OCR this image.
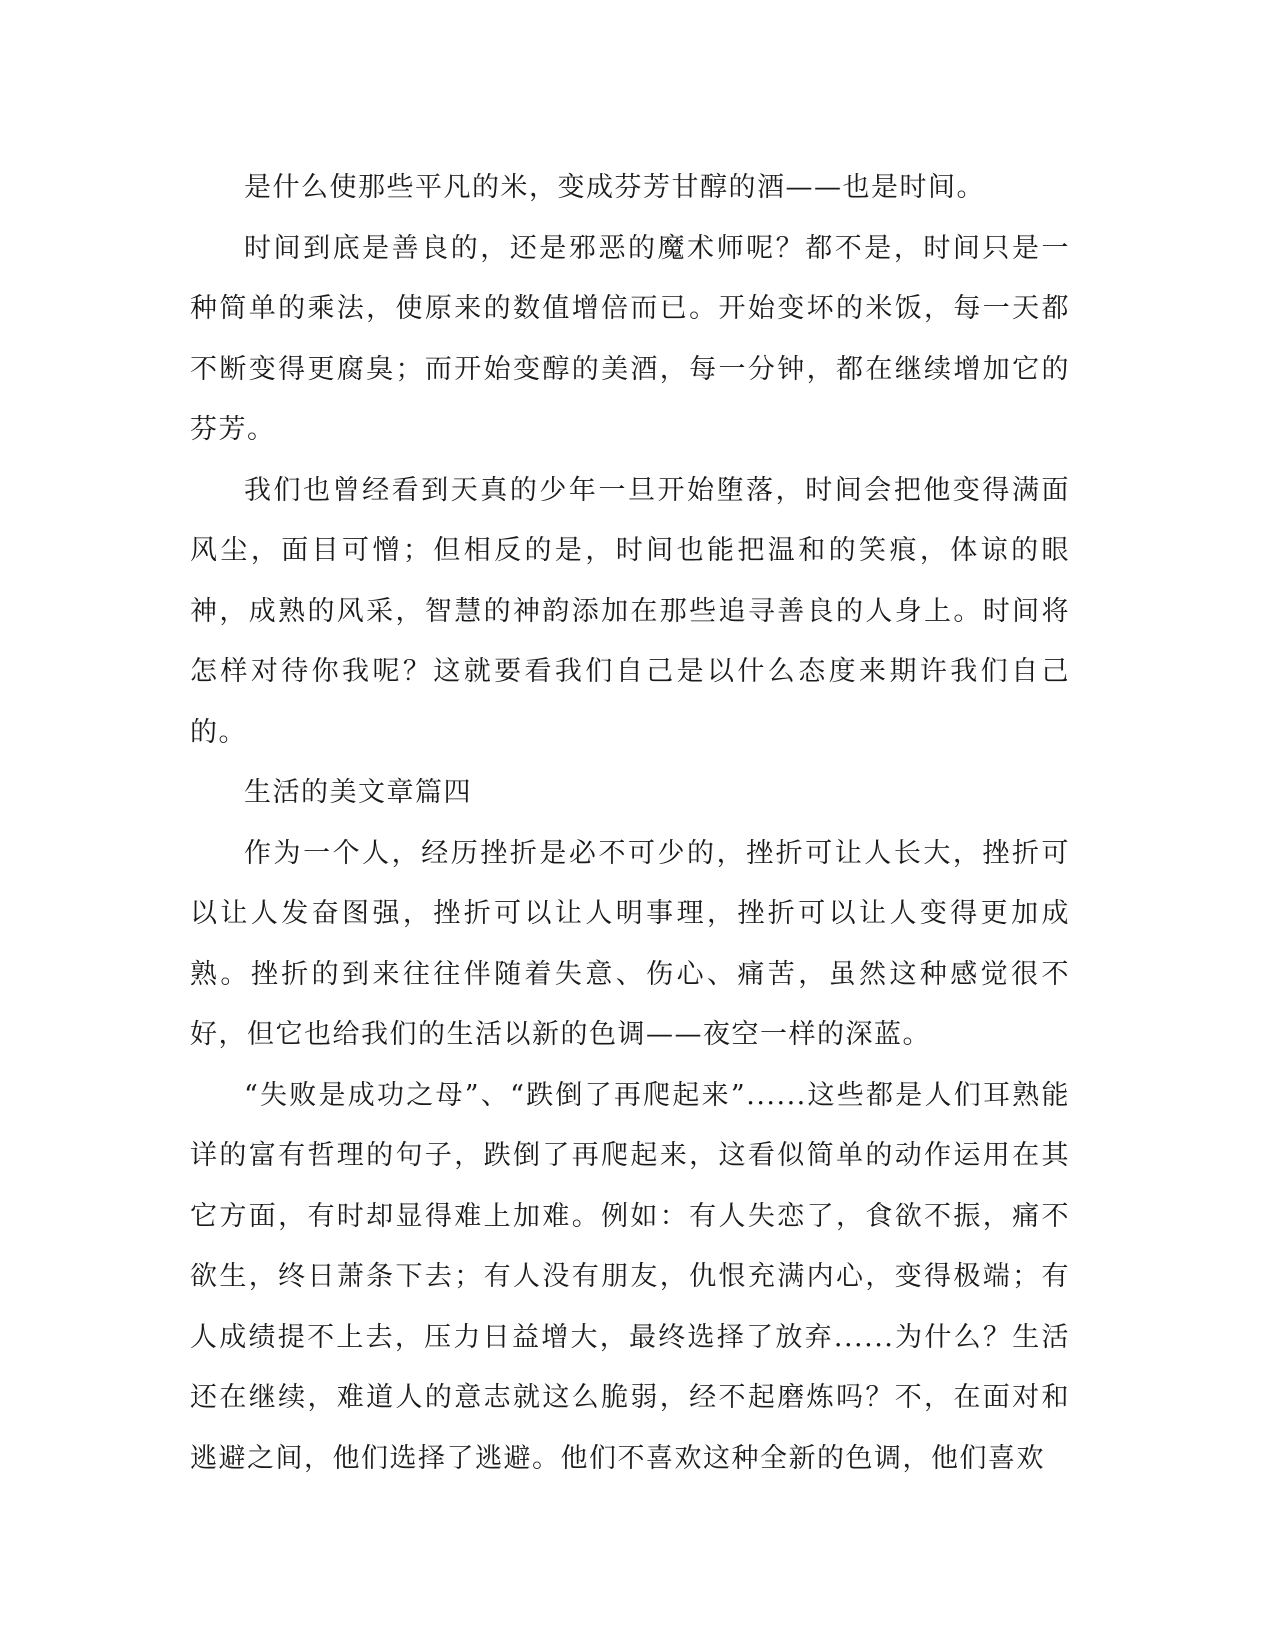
是什么使那些平凡的米，变成芬芳甘醇的酒——也是时间。

时间到底是善良的，还是邪恶的魔术师呢？都不是，时间只是一种简单的乘法，使原来的数值增倍而已。开始变坏的米饭，每一天都不断变得更腐臭；而开始变醇的美酒，每一分钟，都在继续增加它的芬芳。

我们也曾经看到天真的少年一旦开始堕落，时间会把他变得满面风尘，面目可憎；但相反的是，时间也能把温和的笑痕，体谅的眼神，成熟的风采，智慧的神韵添加在那些追寻善良的人身上。时间将怎样对待你我呢？这就要看我们自己是以什么态度来期许我们自己的。

生活的美文章篇四

作为一个人，经历挫折是必不可少的，挫折可让人长大，挫折可以让人发奋图强，挫折可以让人明事理，挫折可以让人变得更加成熟。挫折的到来往往伴随着失意、伤心、痛苦，虽然这种感觉很不好，但它也给我们的生活以新的色调——夜空一样的深蓝。

“失败是成功之母”、“跌倒了再爬起来”......这些都是人们耳熟能详的富有哲理的句子，跌倒了再爬起来，这看似简单的动作运用在其它方面，有时却显得难上加难。例如：有人失恋了，食欲不振，痛不欲生，终日萧条下去；有人没有朋友，仇恨充满内心，变得极端；有人成绩提不上去，压力日益增大，最终选择了放弃......为什么？生活还在继续，难道人的意志就这么脆弱，经不起磨炼吗？不，在面对和逃避之间，他们选择了逃避。他们不喜欢这种全新的色调，他们喜欢
